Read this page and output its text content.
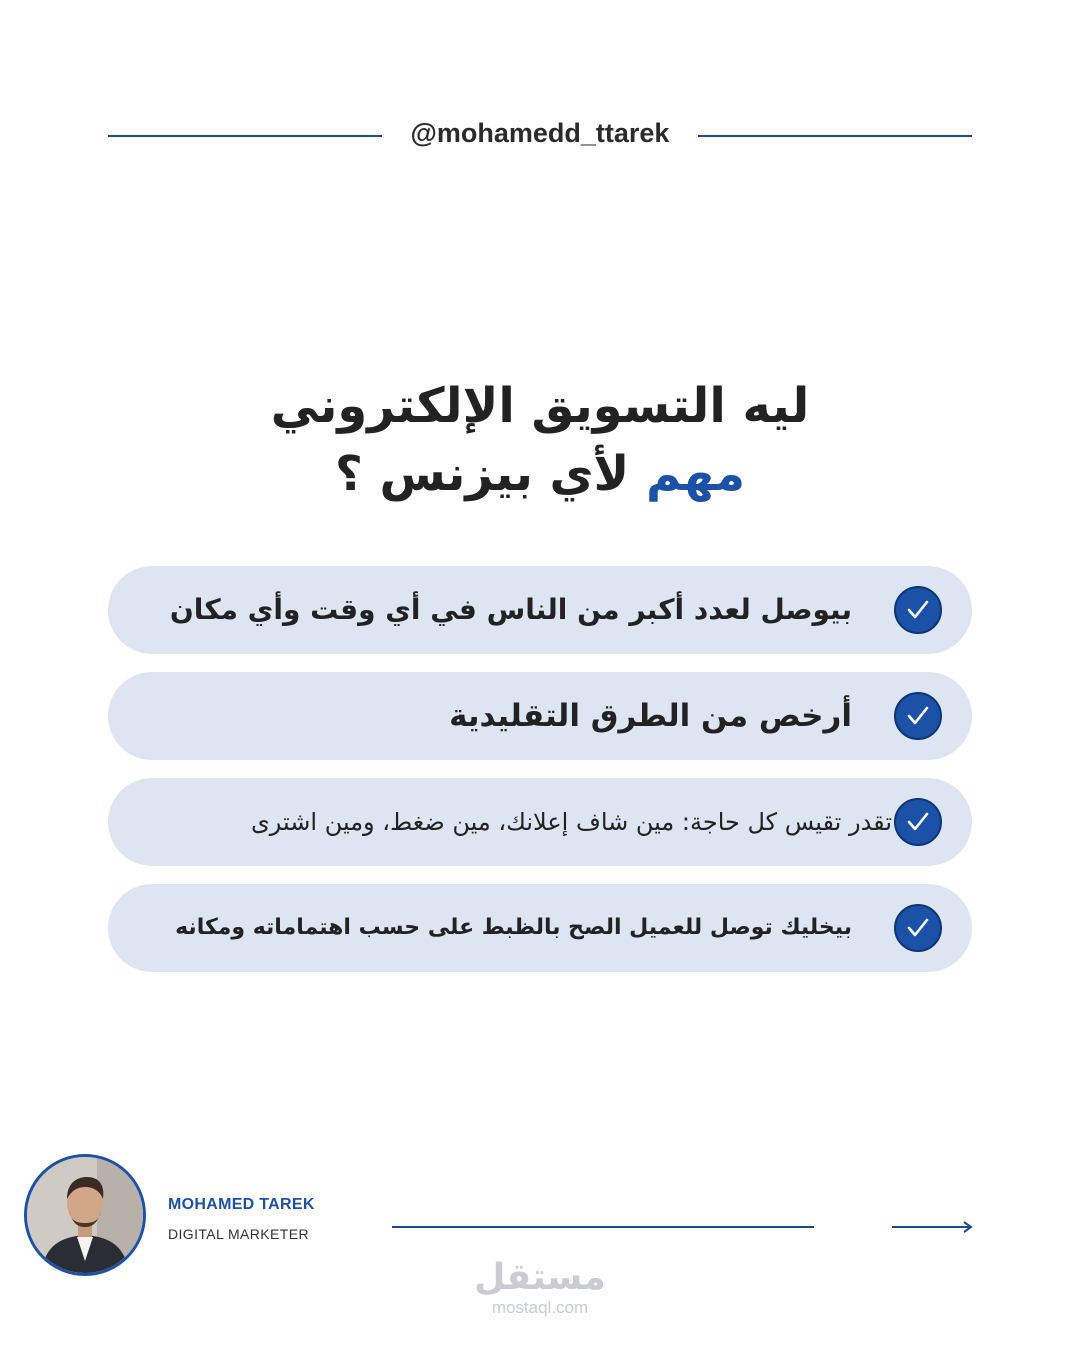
@mohamedd_ttarek
ليه التسويق الإلكتروني
مهم لأي بيزنس ؟
بيوصل لعدد أكبر من الناس في أي وقت وأي مكان
أرخص من الطرق التقليدية
تقدر تقيس كل حاجة: مين شاف إعلانك، مين ضغط، ومين اشترى
بيخليك توصل للعميل الصح بالظبط على حسب اهتماماته ومكانه
MOHAMED TAREK
DIGITAL MARKETER
مستقل
mostaql.com
